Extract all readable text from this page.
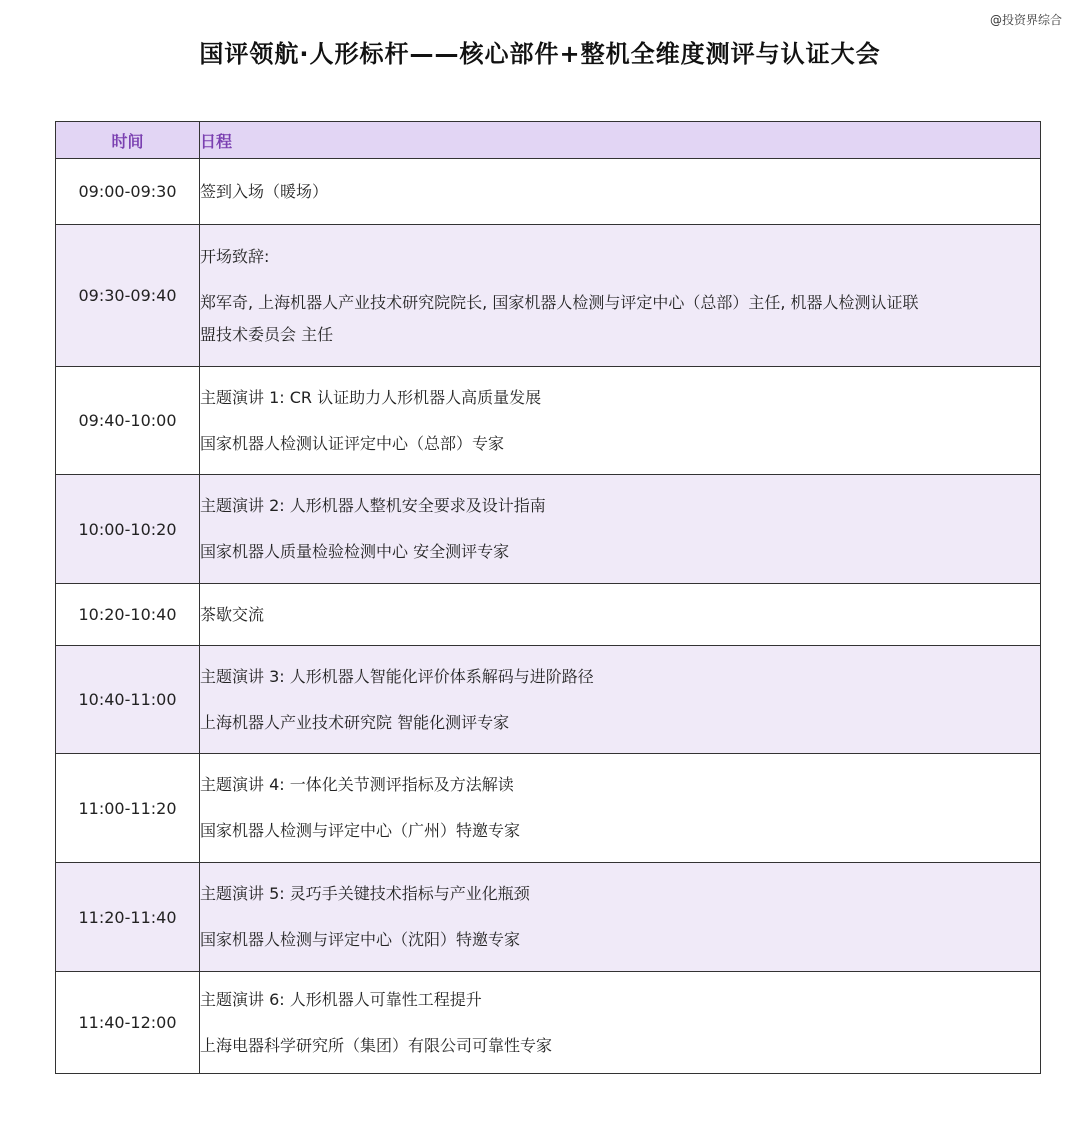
@投资界综合
国评领航·人形标杆——核心部件+整机全维度测评与认证大会
时间	日程
09:00-09:30	签到入场（暖场）

09:30-09:40	开场致辞:
郑军奇, 上海机器人产业技术研究院院长, 国家机器人检测与评定中心（总部）主任, 机器人检测认证联
盟技术委员会 主任

09:40-10:00	主题演讲 1: CR 认证助力人形机器人高质量发展
国家机器人检测认证评定中心（总部）专家

10:00-10:20	主题演讲 2: 人形机器人整机安全要求及设计指南
国家机器人质量检验检测中心 安全测评专家

10:20-10:40	茶歇交流

10:40-11:00	主题演讲 3: 人形机器人智能化评价体系解码与进阶路径
上海机器人产业技术研究院 智能化测评专家

11:00-11:20	主题演讲 4: 一体化关节测评指标及方法解读
国家机器人检测与评定中心（广州）特邀专家

11:20-11:40	主题演讲 5: 灵巧手关键技术指标与产业化瓶颈
国家机器人检测与评定中心（沈阳）特邀专家

11:40-12:00	主题演讲 6: 人形机器人可靠性工程提升
上海电器科学研究所（集团）有限公司可靠性专家
